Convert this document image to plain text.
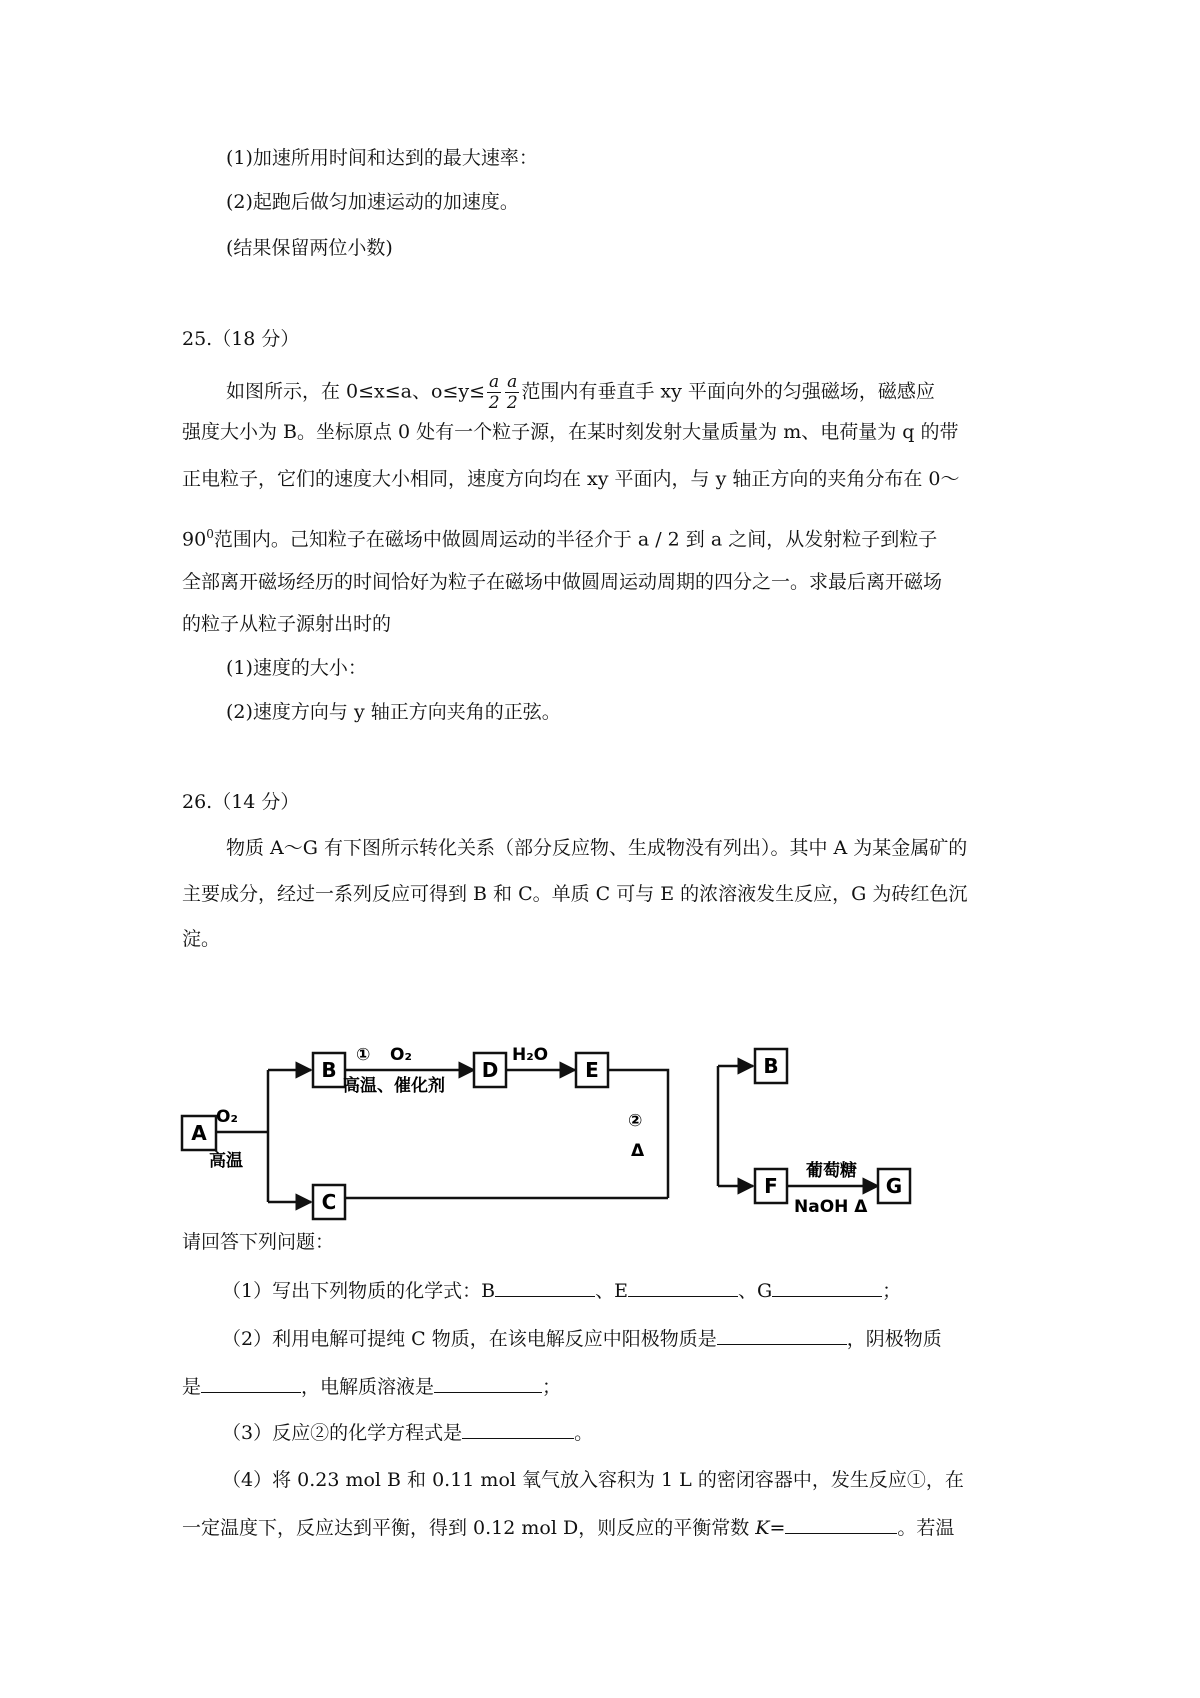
(1)加速所用时间和达到的最大速率：
(2)起跑后做匀加速运动的加速度。
(结果保留两位小数)
25.（18 分）
如图所示，在 0≤x≤a、$o\le y\le \frac{a}{2} \frac{a}{2}$ 范围内有垂直手 xy 平面向外的匀强磁场，磁感应
强度大小为 B。坐标原点 0 处有一个粒子源，在某时刻发射大量质量为 m、电荷量为 q 的带
正电粒子，它们的速度大小相同，速度方向均在 xy 平面内，与 y 轴正方向的夹角分布在 0～
$90^0$范围内。己知粒子在磁场中做圆周运动的半径介于 a / 2 到 a 之间，从发射粒子到粒子
全部离开磁场经历的时间恰好为粒子在磁场中做圆周运动周期的四分之一。求最后离开磁场
的粒子从粒子源射出时的
(1)速度的大小：
(2)速度方向与 y 轴正方向夹角的正弦。
26.（14 分）
物质 A～G 有下图所示转化关系（部分反应物、生成物没有列出）。其中 A 为某金属矿的
主要成分，经过一系列反应可得到 B 和 C。单质 C 可与 E 的浓溶液发生反应，G 为砖红色沉
淀。
A
B
C
D	E	B
F	G
O₂
高温
① O₂
高温、催化剂
H₂O
②
Δ
葡萄糖
NaOH Δ
请回答下列问题：
（1）写出下列物质的化学式：B	、E	、G	；
（2）利用电解可提纯 C 物质，在该电解反应中阳极物质是	，阴极物质
是	，电解质溶液是	；
（3）反应②的化学方程式是	。
（4）将 0.23 mol B 和 0.11 mol 氧气放入容积为 1 L 的密闭容器中，发生反应①，在
一定温度下，反应达到平衡，得到 0.12 mol D，则反应的平衡常数 K=	。若温
